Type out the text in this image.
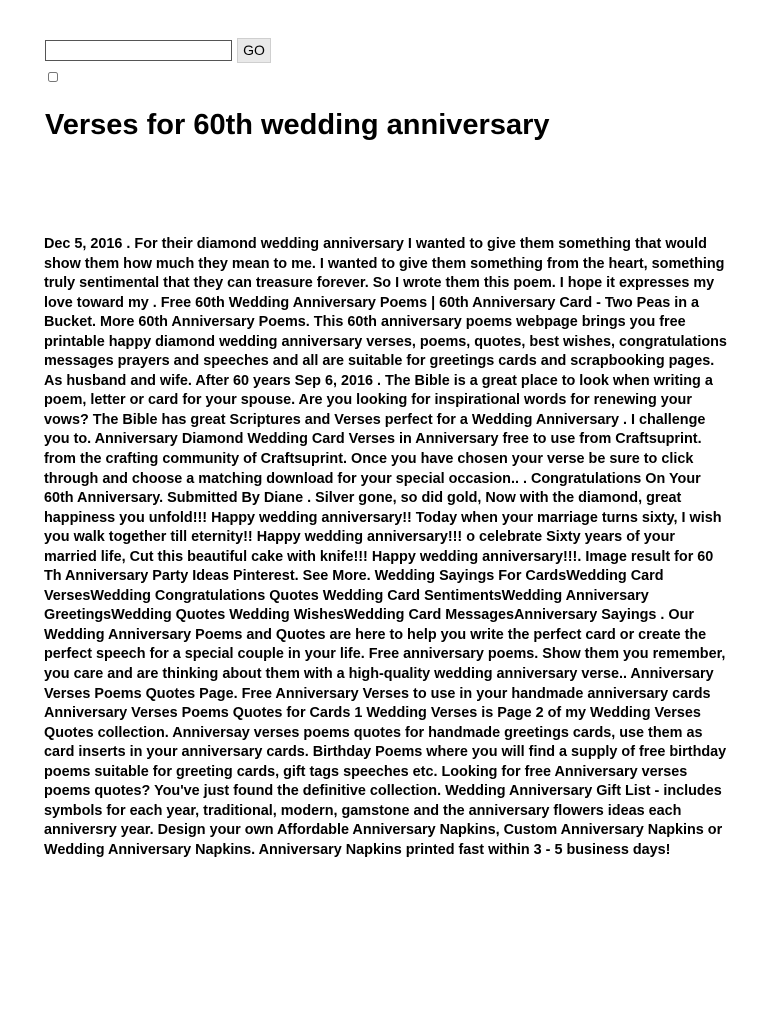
GO
Verses for 60th wedding anniversary

Dec 5, 2016 . For their diamond wedding anniversary I wanted to give them something that would show them how much they mean to me. I wanted to give them something from the heart, something truly sentimental that they can treasure forever. So I wrote them this poem. I hope it expresses my love toward my . Free 60th Wedding Anniversary Poems | 60th Anniversary Card - Two Peas in a Bucket. More 60th Anniversary Poems. This 60th anniversary poems webpage brings you free printable happy diamond wedding anniversary verses, poems, quotes, best wishes, congratulations messages prayers and speeches and all are suitable for greetings cards and scrapbooking pages. As husband and wife. After 60 years Sep 6, 2016 . The Bible is a great place to look when writing a poem, letter or card for your spouse. Are you looking for inspirational words for renewing your vows? The Bible has great Scriptures and Verses perfect for a Wedding Anniversary . I challenge you to. Anniversary Diamond Wedding Card Verses in Anniversary free to use from Craftsuprint. from the crafting community of Craftsuprint. Once you have chosen your verse be sure to click through and choose a matching download for your special occasion.. . Congratulations On Your 60th Anniversary. Submitted By Diane . Silver gone, so did gold, Now with the diamond, great happiness you unfold!!! Happy wedding anniversary!! Today when your marriage turns sixty, I wish you walk together till eternity!! Happy wedding anniversary!!! o celebrate Sixty years of your married life, Cut this beautiful cake with knife!!! Happy wedding anniversary!!!. Image result for 60 Th Anniversary Party Ideas Pinterest. See More. Wedding Sayings For CardsWedding Card VersesWedding Congratulations Quotes Wedding Card SentimentsWedding Anniversary GreetingsWedding Quotes Wedding WishesWedding Card MessagesAnniversary Sayings . Our Wedding Anniversary Poems and Quotes are here to help you write the perfect card or create the perfect speech for a special couple in your life. Free anniversary poems. Show them you remember, you care and are thinking about them with a high-quality wedding anniversary verse.. Anniversary Verses Poems Quotes Page. Free Anniversary Verses to use in your handmade anniversary cards Anniversary Verses Poems Quotes for Cards 1 Wedding Verses is Page 2 of my Wedding Verses Quotes collection. Anniversay verses poems quotes for handmade greetings cards, use them as card inserts in your anniversary cards. Birthday Poems where you will find a supply of free birthday poems suitable for greeting cards, gift tags speeches etc. Looking for free Anniversary verses poems quotes? You've just found the definitive collection. Wedding Anniversary Gift List - includes symbols for each year, traditional, modern, gamstone and the anniversary flowers ideas each anniversry year. Design your own Affordable Anniversary Napkins, Custom Anniversary Napkins or Wedding Anniversary Napkins. Anniversary Napkins printed fast within 3 - 5 business days!
